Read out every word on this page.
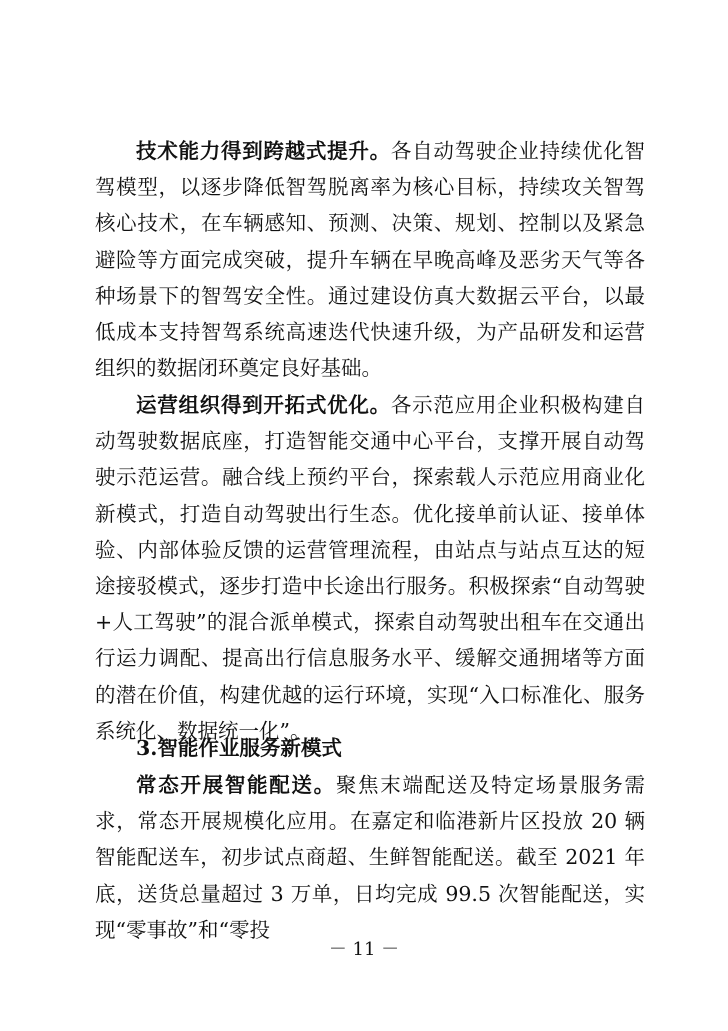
技术能力得到跨越式提升。各自动驾驶企业持续优化智驾模型，以逐步降低智驾脱离率为核心目标，持续攻关智驾核心技术，在车辆感知、预测、决策、规划、控制以及紧急避险等方面完成突破，提升车辆在早晚高峰及恶劣天气等各种场景下的智驾安全性。通过建设仿真大数据云平台，以最低成本支持智驾系统高速迭代快速升级，为产品研发和运营组织的数据闭环奠定良好基础。

运营组织得到开拓式优化。各示范应用企业积极构建自动驾驶数据底座，打造智能交通中心平台，支撑开展自动驾驶示范运营。融合线上预约平台，探索载人示范应用商业化新模式，打造自动驾驶出行生态。优化接单前认证、接单体验、内部体验反馈的运营管理流程，由站点与站点互达的短途接驳模式，逐步打造中长途出行服务。积极探索“自动驾驶+人工驾驶”的混合派单模式，探索自动驾驶出租车在交通出行运力调配、提高出行信息服务水平、缓解交通拥堵等方面的潜在价值，构建优越的运行环境，实现“入口标准化、服务系统化、数据统一化”。

3.智能作业服务新模式

常态开展智能配送。聚焦末端配送及特定场景服务需求，常态开展规模化应用。在嘉定和临港新片区投放 20 辆智能配送车，初步试点商超、生鲜智能配送。截至 2021 年底，送货总量超过 3 万单，日均完成 99.5 次智能配送，实现“零事故”和“零投

－ 11 －
